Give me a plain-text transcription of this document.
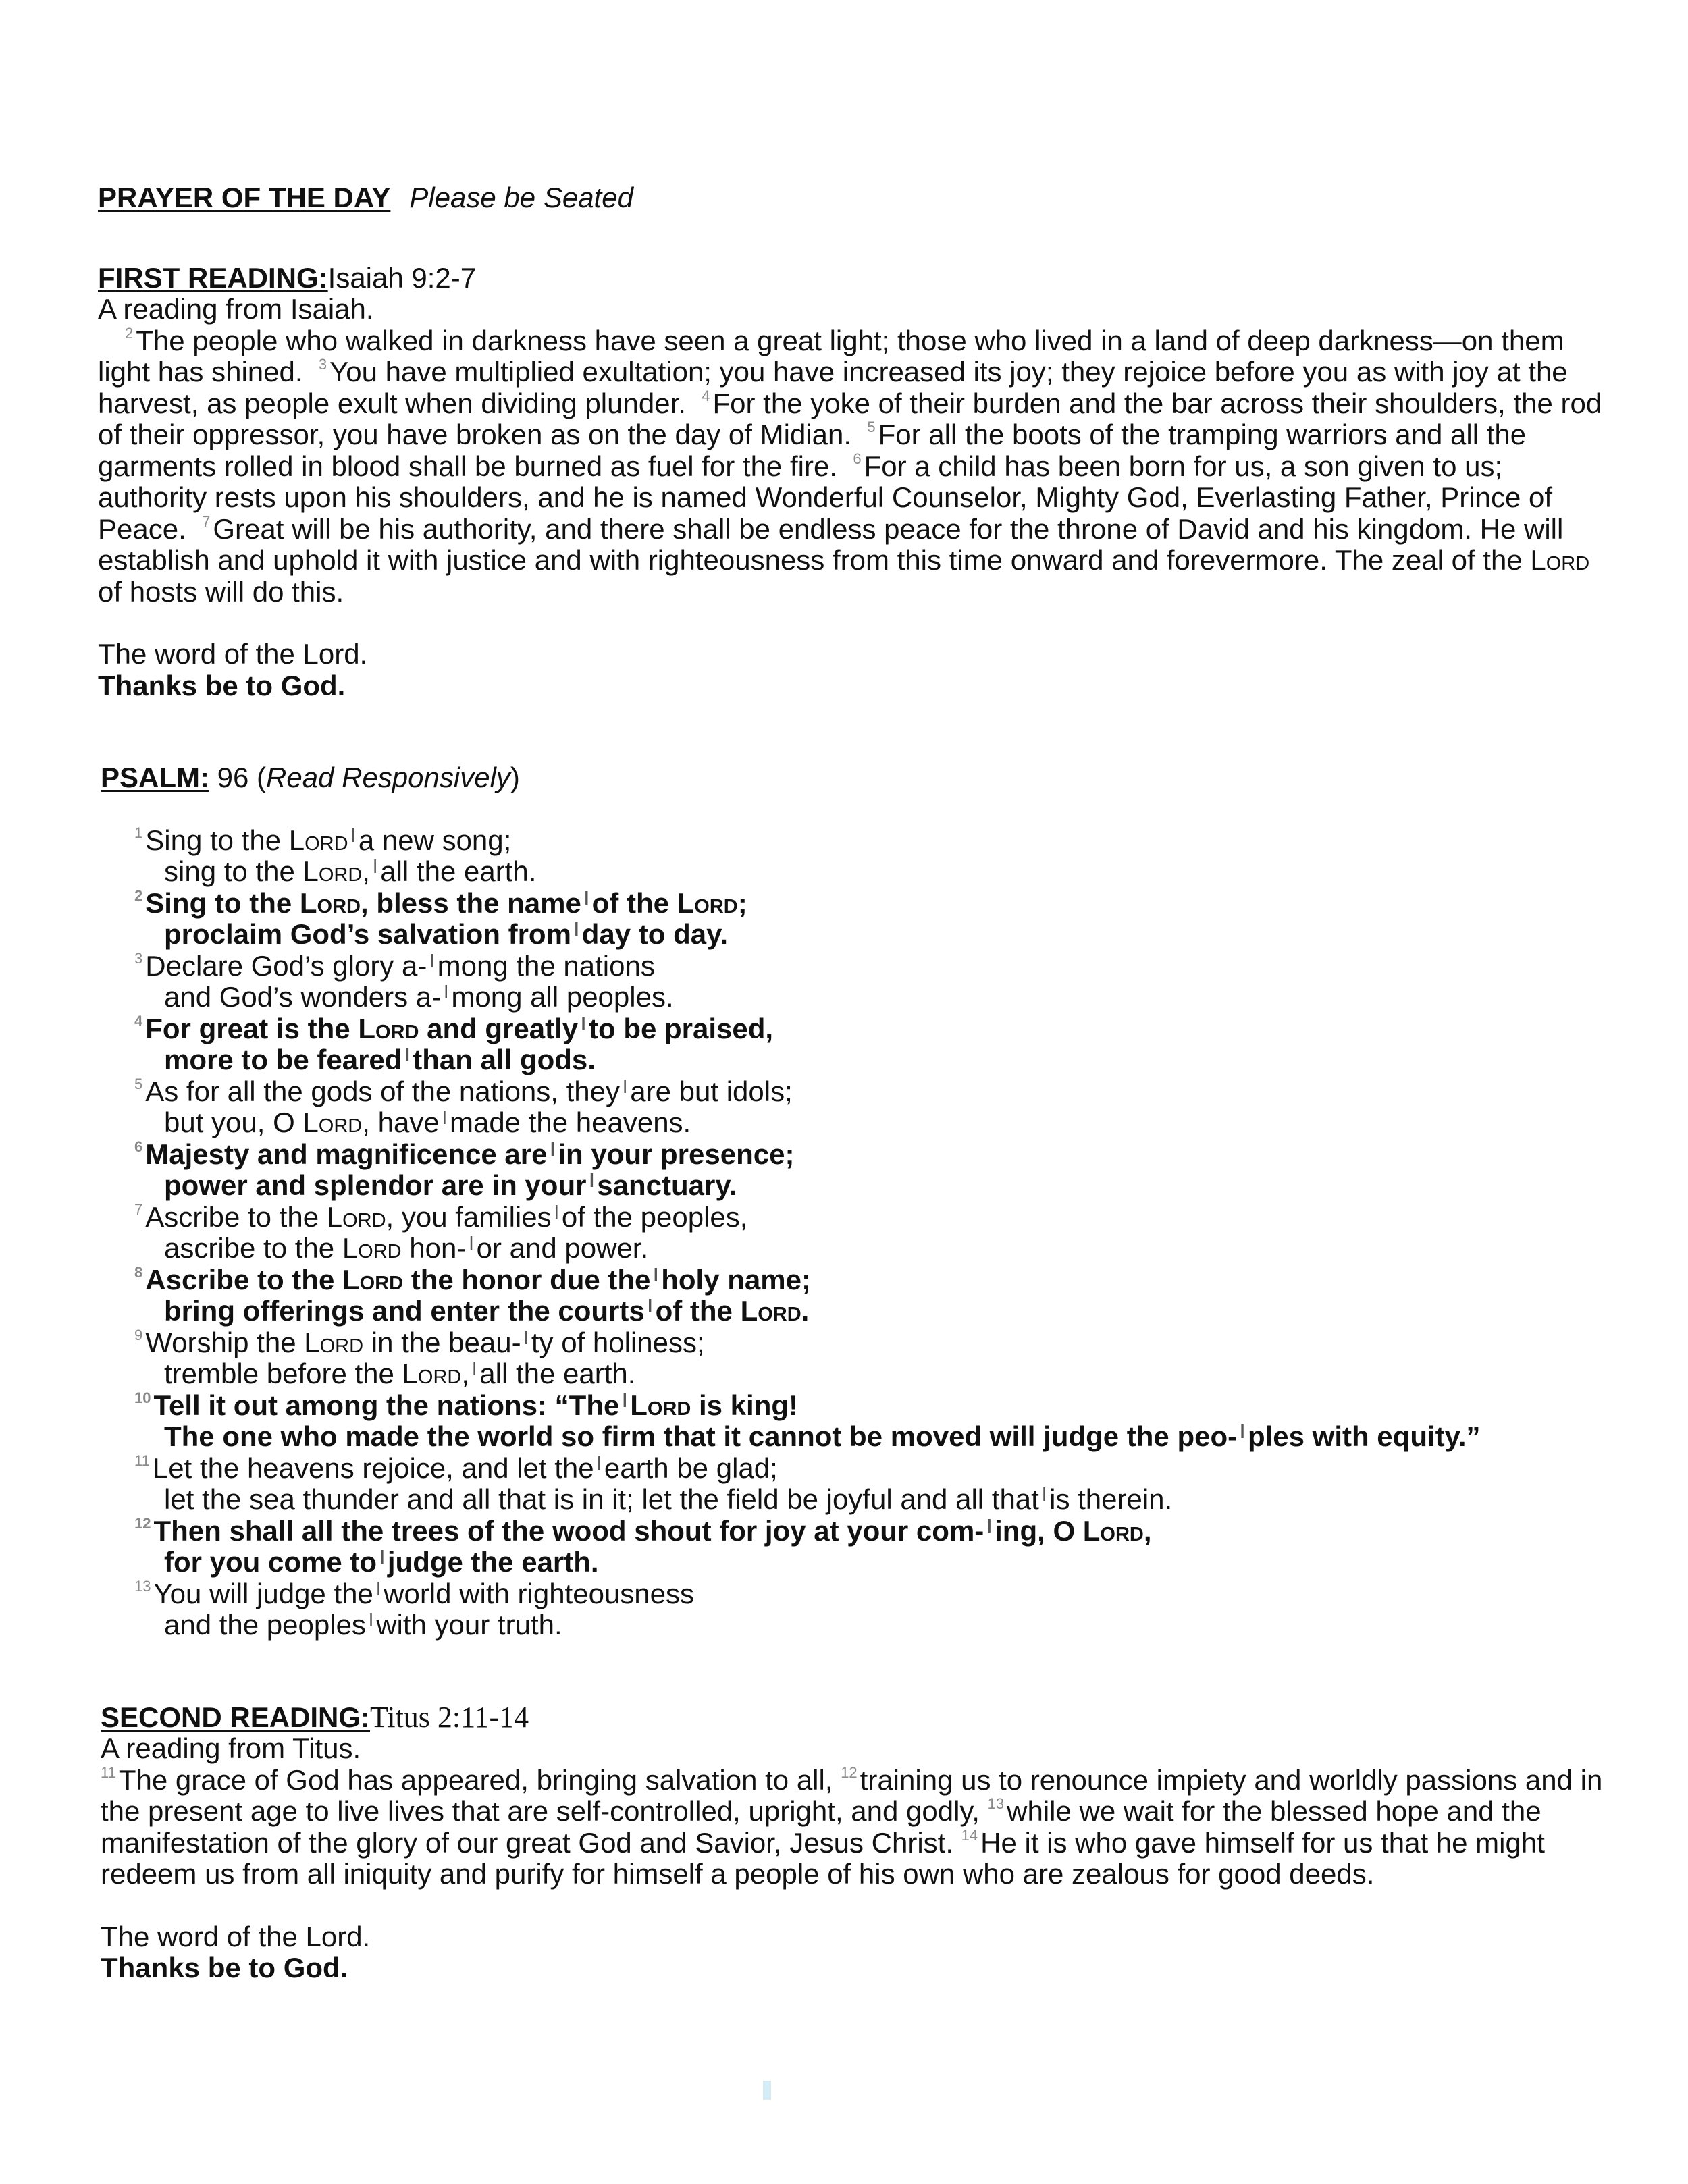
PRAYER OF THE DAY Please be Seated
FIRST READING:Isaiah 9:2-7
A reading from Isaiah.
$^2$The people who walked in darkness have seen a great light; those who lived in a land of deep darkness—on them light has shined. $^3$You have multiplied exultation; you have increased its joy; they rejoice before you as with joy at the harvest, as people exult when dividing plunder. $^4$For the yoke of their burden and the bar across their shoulders, the rod of their oppressor, you have broken as on the day of Midian. $^5$For all the boots of the tramping warriors and all the garments rolled in blood shall be burned as fuel for the fire. $^6$For a child has been born for us, a son given to us; authority rests upon his shoulders, and he is named Wonderful Counselor, Mighty God, Everlasting Father, Prince of Peace. $^7$Great will be his authority, and there shall be endless peace for the throne of David and his kingdom. He will establish and uphold it with justice and with righteousness from this time onward and forevermore. The zeal of the Lord of hosts will do this.
The word of the Lord.
Thanks be to God.
PSALM: 96 (Read Responsively)
$^1$Sing to the Lord $^ǀ$a new song;
sing to the Lord, $^ǀ$all the earth.
$^2$Sing to the Lord, bless the name $^ǀ$of the Lord;
proclaim God’s salvation from $^ǀ$day to day.
$^3$Declare God’s glory a- $^ǀ$mong the nations
and God’s wonders a- $^ǀ$mong all peoples.
$^4$For great is the Lord and greatly $^ǀ$to be praised,
more to be feared $^ǀ$than all gods.
$^5$As for all the gods of the nations, they $^ǀ$are but idols;
but you, O Lord, have $^ǀ$made the heavens.
$^6$Majesty and magnificence are $^ǀ$in your presence;
power and splendor are in your $^ǀ$sanctuary.
$^7$Ascribe to the Lord, you families $^ǀ$of the peoples,
ascribe to the Lord hon- $^ǀ$or and power.
$^8$Ascribe to the Lord the honor due the $^ǀ$holy name;
bring offerings and enter the courts $^ǀ$of the Lord.
$^9$Worship the Lord in the beau- $^ǀ$ty of holiness;
tremble before the Lord, $^ǀ$all the earth.
$^{10}$Tell it out among the nations: “The $^ǀ$Lord is king!
The one who made the world so firm that it cannot be moved will judge the peo- $^ǀ$ples with equity.”
$^{11}$Let the heavens rejoice, and let the $^ǀ$earth be glad;
let the sea thunder and all that is in it; let the field be joyful and all that $^ǀ$is therein.
$^{12}$Then shall all the trees of the wood shout for joy at your com- $^ǀ$ing, O Lord,
for you come to $^ǀ$judge the earth.
$^{13}$You will judge the $^ǀ$world with righteousness
and the peoples $^ǀ$with your truth.
SECOND READING:Titus 2:11-14
A reading from Titus.
$^{11}$The grace of God has appeared, bringing salvation to all, $^{12}$training us to renounce impiety and worldly passions and in the present age to live lives that are self-controlled, upright, and godly, $^{13}$while we wait for the blessed hope and the manifestation of the glory of our great God and Savior, Jesus Christ. $^{14}$He it is who gave himself for us that he might redeem us from all iniquity and purify for himself a people of his own who are zealous for good deeds.
The word of the Lord.
Thanks be to God.
